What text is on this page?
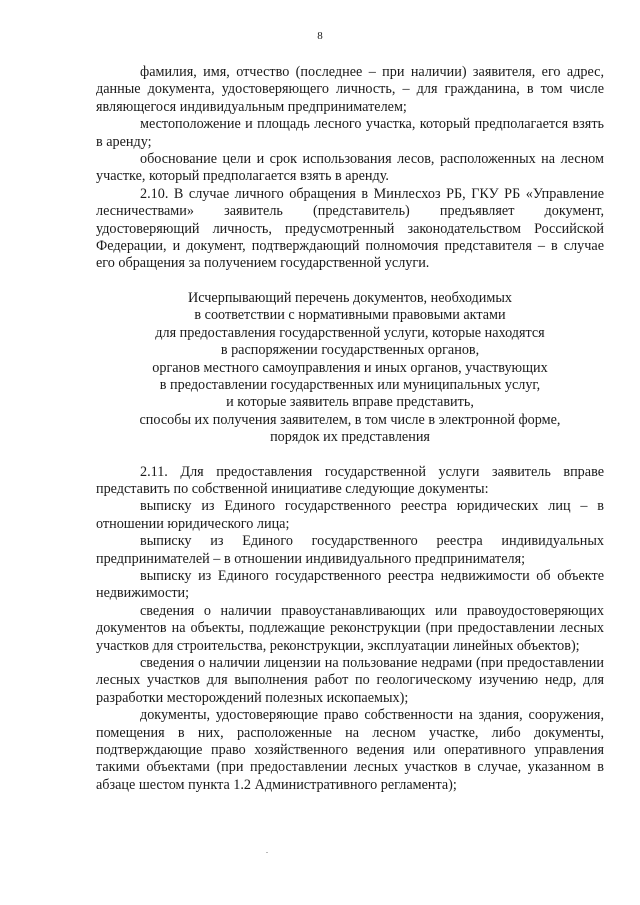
8

фамилия, имя, отчество (последнее – при наличии) заявителя, его адрес, данные документа, удостоверяющего личность, – для гражданина, в том числе являющегося индивидуальным предпринимателем;

местоположение и площадь лесного участка, который предполагается взять в аренду;

обоснование цели и срок использования лесов, расположенных на лесном участке, который предполагается взять в аренду.

2.10. В случае личного обращения в Минлесхоз РБ, ГКУ РБ «Управление лесничествами» заявитель (представитель) предъявляет документ, удостоверяющий личность, предусмотренный законодательством Российской Федерации, и документ, подтверждающий полномочия представителя – в случае его обращения за получением государственной услуги.

Исчерпывающий перечень документов, необходимых
в соответствии с нормативными правовыми актами
для предоставления государственной услуги, которые находятся
в распоряжении государственных органов,
органов местного самоуправления и иных органов, участвующих
в предоставлении государственных или муниципальных услуг,
и которые заявитель вправе представить,
способы их получения заявителем, в том числе в электронной форме,
порядок их представления

2.11. Для предоставления государственной услуги заявитель вправе представить по собственной инициативе следующие документы:

выписку из Единого государственного реестра юридических лиц – в отношении юридического лица;

выписку из Единого государственного реестра индивидуальных предпринимателей – в отношении индивидуального предпринимателя;

выписку из Единого государственного реестра недвижимости об объекте недвижимости;

сведения о наличии правоустанавливающих или правоудостоверяющих документов на объекты, подлежащие реконструкции (при предоставлении лесных участков для строительства, реконструкции, эксплуатации линейных объектов);

сведения о наличии лицензии на пользование недрами (при предоставлении лесных участков для выполнения работ по геологическому изучению недр, для разработки месторождений полезных ископаемых);

документы, удостоверяющие право собственности на здания, сооружения, помещения в них, расположенные на лесном участке, либо документы, подтверждающие право хозяйственного ведения или оперативного управления такими объектами (при предоставлении лесных участков в случае, указанном в абзаце шестом пункта 1.2 Административного регламента);
